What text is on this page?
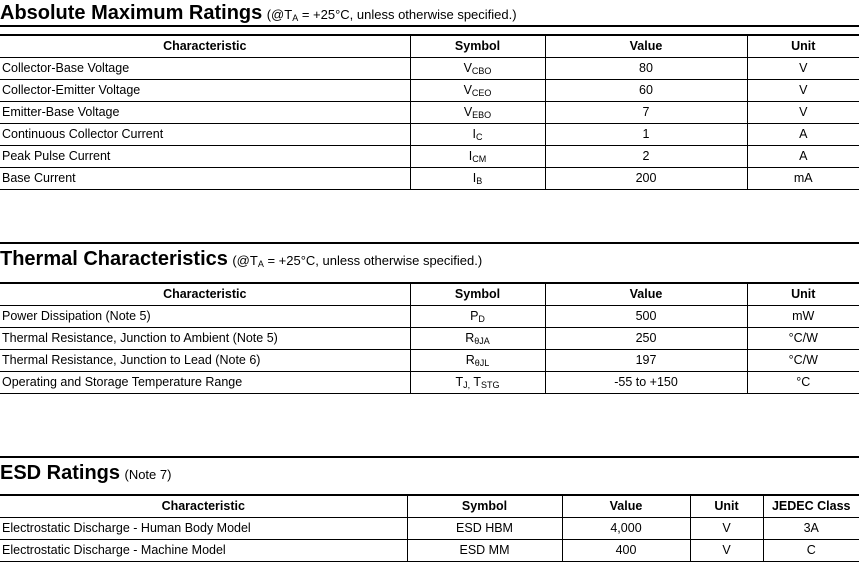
Absolute Maximum Ratings ($@T_A = +25^\circ C$, unless otherwise specified.)
Characteristic	Symbol	Value	Unit
Collector-Base Voltage	$V_{CBO}$	80	V
Collector-Emitter Voltage	$V_{CEO}$	60	V
Emitter-Base Voltage	$V_{EBO}$	7	V
Continuous Collector Current	$I_C$	1	A
Peak Pulse Current	$I_{CM}$	2	A
Base Current	$I_B$	200	mA
Thermal Characteristics ($@T_A = +25^\circ C$, unless otherwise specified.)
Characteristic	Symbol	Value	Unit
Power Dissipation (Note 5)	$P_D$	500	mW
Thermal Resistance, Junction to Ambient (Note 5)	$R_{\theta JA}$	250	°C/W
Thermal Resistance, Junction to Lead (Note 6)	$R_{\theta JL}$	197	°C/W
Operating and Storage Temperature Range	$T_{J,}$ $T_{STG}$	-55 to +150	°C
ESD Ratings (Note 7)
Characteristic	Symbol	Value	Unit	JEDEC Class
Electrostatic Discharge - Human Body Model	ESD HBM	4,000	V	3A
Electrostatic Discharge - Machine Model	ESD MM	400	V	C
